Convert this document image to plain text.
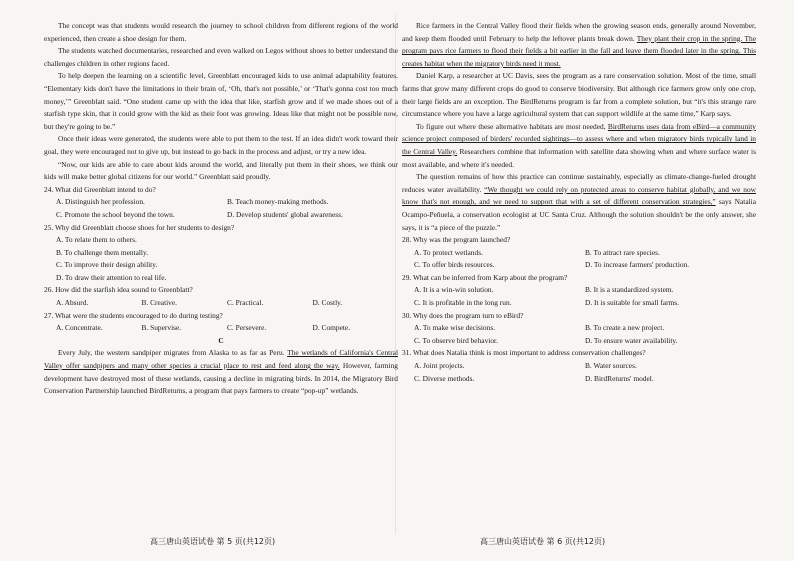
The concept was that students would research the journey to school children from different regions of the world experienced, then create a shoe design for them.

The students watched documentaries, researched and even walked on Legos without shoes to better understand the challenges children in other regions faced.

To help deepen the learning on a scientific level, Greenblatt encouraged kids to use animal adaptability features. “Elementary kids don't have the limitations in their brain of, ‘Oh, that's not possible,’ or ‘That's gonna cost too much money,’” Greenblatt said. “One student came up with the idea that like, starfish grow and if we made shoes out of a starfish type skin, that it could grow with the kid as their foot was growing. Ideas like that might not be possible now, but they're going to be.”

Once their ideas were generated, the students were able to put them to the test. If an idea didn't work toward their goal, they were encouraged not to give up, but instead to go back in the process and adjust, or try a new idea.

“Now, our kids are able to care about kids around the world, and literally put them in their shoes, we think our kids will make better global citizens for our world.” Greenblatt said proudly.

24. What did Greenblatt intend to do?

A. Distinguish her profession.	B. Teach money-making methods.
C. Promote the school beyond the town.	D. Develop students' global awareness.

25. Why did Greenblatt choose shoes for her students to design?

A. To relate them to others.

B. To challenge them mentally.

C. To improve their design ability.

D. To draw their attention to real life.

26. How did the starfish idea sound to Greenblatt?

A. Absurd.	B. Creative.	C. Practical.	D. Costly.

27. What were the students encouraged to do during testing?

A. Concentrate.	B. Supervise.	C. Persevere.	D. Compete.

C

Every July, the western sandpiper migrates from Alaska to as far as Peru. The wetlands of California's Central Valley offer sandpipers and many other species a crucial place to rest and feed along the way. However, farming development have destroyed most of these wetlands, causing a decline in migrating birds. In 2014, the Migratory Bird Conservation Partnership launched BirdReturns, a program that pays farmers to create “pop-up” wetlands.

Rice farmers in the Central Valley flood their fields when the growing season ends, generally around November, and keep them flooded until February to help the leftover plants break down. They plant their crop in the spring. The program pays rice farmers to flood their fields a bit earlier in the fall and leave them flooded later in the spring. This creates habitat when the migratory birds need it most.

Daniel Karp, a researcher at UC Davis, sees the program as a rare conservation solution. Most of the time, small farms that grow many different crops do good to conserve biodiversity. But although rice farmers grow only one crop, their large fields are an exception. The BirdReturns program is far from a complete solution, but “it's this strange rare circumstance where you have a large agricultural system that can support wildlife at the same time,” Karp says.

To figure out where these alternative habitats are most needed, BirdReturns uses data from eBird—a community science project composed of birders' recorded sightings—to assess where and when migratory birds typically land in the Central Valley. Researchers combine that information with satellite data showing when and where surface water is most available, and where it's needed.

The question remains of how this practice can continue sustainably, especially as climate-change-fueled drought reduces water availability. “We thought we could rely on protected areas to conserve habitat globally, and we now know that's not enough, and we need to support that with a set of different conservation strategies,” says Natalia Ocampo-Peñuela, a conservation ecologist at UC Santa Cruz. Although the solution shouldn't be the only answer, she says, it is “a piece of the puzzle.”

28. Why was the program launched?

A. To protect wetlands.	B. To attract rare species.
C. To offer birds resources.	D. To increase farmers' production.

29. What can be inferred from Karp about the program?

A. It is a win-win solution.	B. It is a standardized system.
C. It is profitable in the long run.	D. It is suitable for small farms.

30. Why does the program turn to eBird?

A. To make wise decisions.	B. To create a new project.
C. To observe bird behavior.	D. To ensure water availability.

31. What does Natalia think is most important to address conservation challenges?

A. Joint projects.	B. Water sources.
C. Diverse methods.	D. BirdReturns' model.
高三唐山英语试卷 第 5 页(共12页)	高三唐山英语试卷 第 6 页(共12页)
